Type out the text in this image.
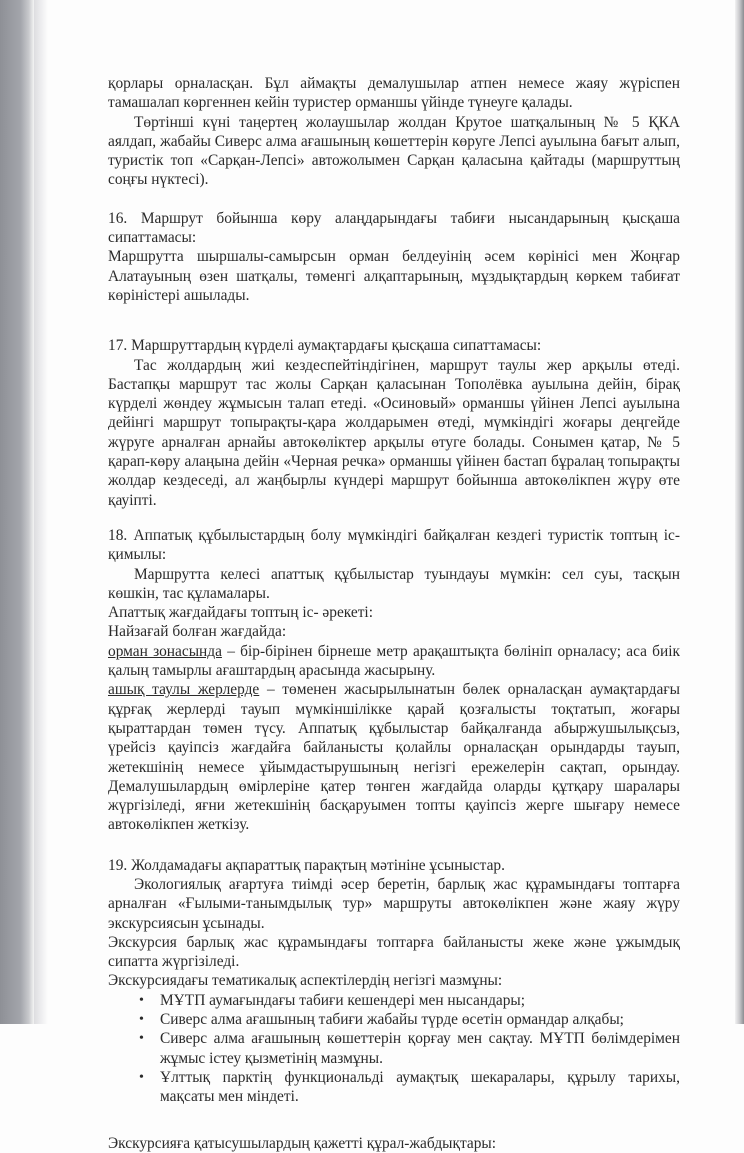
қорлары орналасқан. Бұл аймақты демалушылар атпен немесе жаяу жүріспен тамашалап көргеннен кейін туристер орманшы үйінде түнеуге қалады.

Төртінші күні таңертең жолаушылар жолдан Крутое шатқалының № 5 ҚКА аялдап, жабайы Сиверс алма ағашының көшеттерін көруге Лепсі ауылына бағыт алып, туристік топ «Сарқан-Лепсі» автожолымен Сарқан қаласына қайтады (маршруттың соңғы нүктесі).

16. Маршрут бойынша көру алаңдарындағы табиғи нысандарының қысқаша сипаттамасы:

Маршрутта шыршалы-самырсын орман белдеуінің әсем көрінісі мен Жоңғар Алатауының өзен шатқалы, төменгі алқаптарының, мұздықтардың көркем табиғат көріністері ашылады.

17. Маршруттардың күрделі аумақтардағы қысқаша сипаттамасы:

Тас жолдардың жиі кездеспейтіндігінен, маршрут таулы жер арқылы өтеді. Бастапқы маршрут тас жолы Сарқан қаласынан Тополёвка ауылына дейін, бірақ күрделі жөндеу жұмысын талап етеді. «Осиновый» орманшы үйінен Лепсі ауылына дейінгі маршрут топырақты-қара жолдарымен өтеді, мүмкіндігі жоғары деңгейде жүруге арналған арнайы автокөліктер арқылы өтуге болады. Сонымен қатар, № 5 қарап-көру алаңына дейін «Черная речка» орманшы үйінен бастап бұралаң топырақты жолдар кездеседі, ал жаңбырлы күндері маршрут бойынша автокөлікпен жүру өте қауіпті.

18. Аппатық құбылыстардың болу мүмкіндігі байқалған кездегі туристік топтың іс-қимылы:

Маршрутта келесі апаттық құбылыстар туындауы мүмкін: сел суы, тасқын көшкін, тас құламалары.

Апаттық жағдайдағы топтың іс- әрекеті:

Найзағай болған жағдайда:

орман зонасында – бір-бірінен бірнеше метр арақаштықта бөлініп орналасу; аса биік қалың тамырлы ағаштардың арасында жасырыну.

ашық таулы жерлерде – төменен жасырылынатын бөлек орналасқан аумақтардағы құрғақ жерлерді тауып мүмкіншілікке қарай қозғалысты тоқтатып, жоғары қыраттардан төмен түсу. Аппатық құбылыстар байқалғанда абыржушылықсыз, үрейсіз қауіпсіз жағдайға байланысты қолайлы орналасқан орындарды тауып, жетекшінің немесе ұйымдастырушының негізгі ережелерін сақтап, орындау. Демалушылардың өмірлеріне қатер төнген жағдайда оларды құтқару шаралары жүргізіледі, яғни жетекшінің басқаруымен топты қауіпсіз жерге шығару немесе автокөлікпен жеткізу.

19. Жолдамадағы ақпараттық парақтың мәтініне ұсыныстар.

Экологиялық ағартуға тиімді әсер беретін, барлық жас құрамындағы топтарға арналған «Ғылыми-танымдылық тур» маршруты автокөлікпен және жаяу жүру экскурсиясын ұсынады.

Экскурсия барлық жас құрамындағы топтарға байланысты жеке және ұжымдық сипатта жүргізіледі.

Экскурсиядағы тематикалық аспектілердің негізгі мазмұны:

• МҰТП аумағындағы табиғи кешендері мен нысандары;
• Сиверс алма ағашының табиғи жабайы түрде өсетін ормандар алқабы;
• Сиверс алма ағашының көшеттерін қорғау мен сақтау. МҰТП бөлімдерімен жұмыс істеу қызметінің мазмұны.
• Ұлттық парктің функциональді аумақтық шекаралары, құрылу тарихы, мақсаты мен міндеті.

Экскурсияға қатысушылардың қажетті құрал-жабдықтары:
